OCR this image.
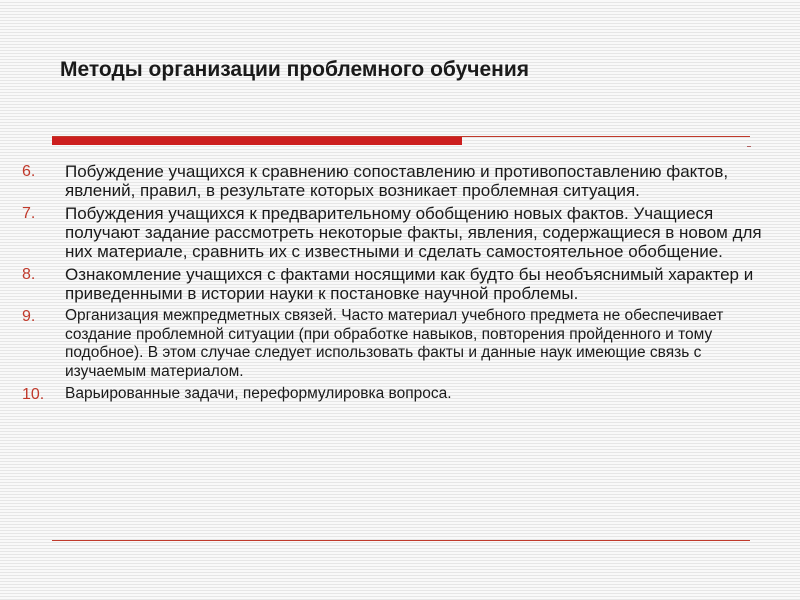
Методы организации проблемного обучения
6. Побуждение учащихся к сравнению сопоставлению и противопоставлению фактов, явлений, правил, в результате которых возникает проблемная ситуация.
7. Побуждения учащихся к предварительному обобщению новых фактов. Учащиеся получают задание рассмотреть некоторые факты, явления, содержащиеся в новом для них материале, сравнить их с известными и сделать самостоятельное обобщение.
8. Ознакомление учащихся с фактами носящими как будто бы необъяснимый характер и приведенными в истории науки к постановке научной проблемы.
9. Организация межпредметных связей. Часто материал учебного предмета не обеспечивает создание проблемной ситуации (при обработке навыков, повторения пройденного и тому подобное). В этом случае следует использовать факты и данные наук имеющие связь с изучаемым материалом.
10. Варьированные задачи, переформулировка вопроса.
